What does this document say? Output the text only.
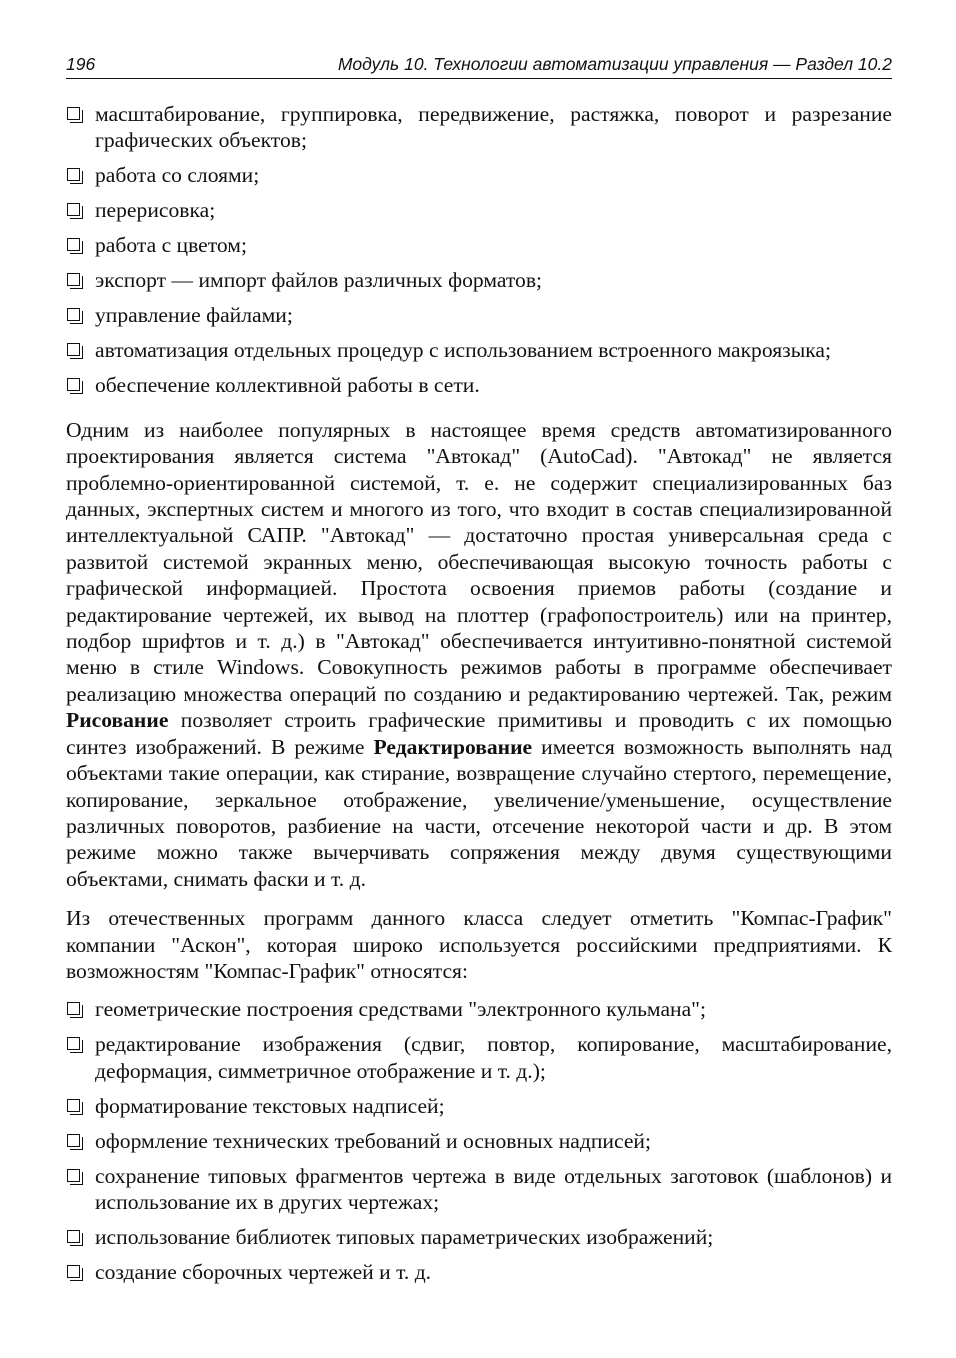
196	Модуль 10. Технологии автоматизации управления — Раздел 10.2
масштабирование, группировка, передвижение, растяжка, поворот и разрезание графических объектов;
работа со слоями;
перерисовка;
работа с цветом;
экспорт — импорт файлов различных форматов;
управление файлами;
автоматизация отдельных процедур с использованием встроенного макроязыка;
обеспечение коллективной работы в сети.

Одним из наиболее популярных в настоящее время средств автоматизированного проектирования является система "Автокад" (AutoCad). "Автокад" не является проблемно-ориентированной системой, т. е. не содержит специализированных баз данных, экспертных систем и многого из того, что входит в состав специализированной интеллектуальной САПР. "Автокад" — достаточно простая универсальная среда с развитой системой экранных меню, обеспечивающая высокую точность работы с графической информацией. Простота освоения приемов работы (создание и редактирование чертежей, их вывод на плоттер (графопостроитель) или на принтер, подбор шрифтов и т. д.) в "Автокад" обеспечивается интуитивно-понятной системой меню в стиле Windows. Совокупность режимов работы в программе обеспечивает реализацию множества операций по созданию и редактированию чертежей. Так, режим Рисование позволяет строить графические примитивы и проводить с их помощью синтез изображений. В режиме Редактирование имеется возможность выполнять над объектами такие операции, как стирание, возвращение случайно стертого, перемещение, копирование, зеркальное отображение, увеличение/уменьшение, осуществление различных поворотов, разбиение на части, отсечение некоторой части и др. В этом режиме можно также вычерчивать сопряжения между двумя существующими объектами, снимать фаски и т. д.

Из отечественных программ данного класса следует отметить "Компас-График" компании "Аскон", которая широко используется российскими предприятиями. К возможностям "Компас-График" относятся:

геометрические построения средствами "электронного кульмана";
редактирование изображения (сдвиг, повтор, копирование, масштабирование, деформация, симметричное отображение и т. д.);
форматирование текстовых надписей;
оформление технических требований и основных надписей;
сохранение типовых фрагментов чертежа в виде отдельных заготовок (шаблонов) и использование их в других чертежах;
использование библиотек типовых параметрических изображений;
создание сборочных чертежей и т. д.
